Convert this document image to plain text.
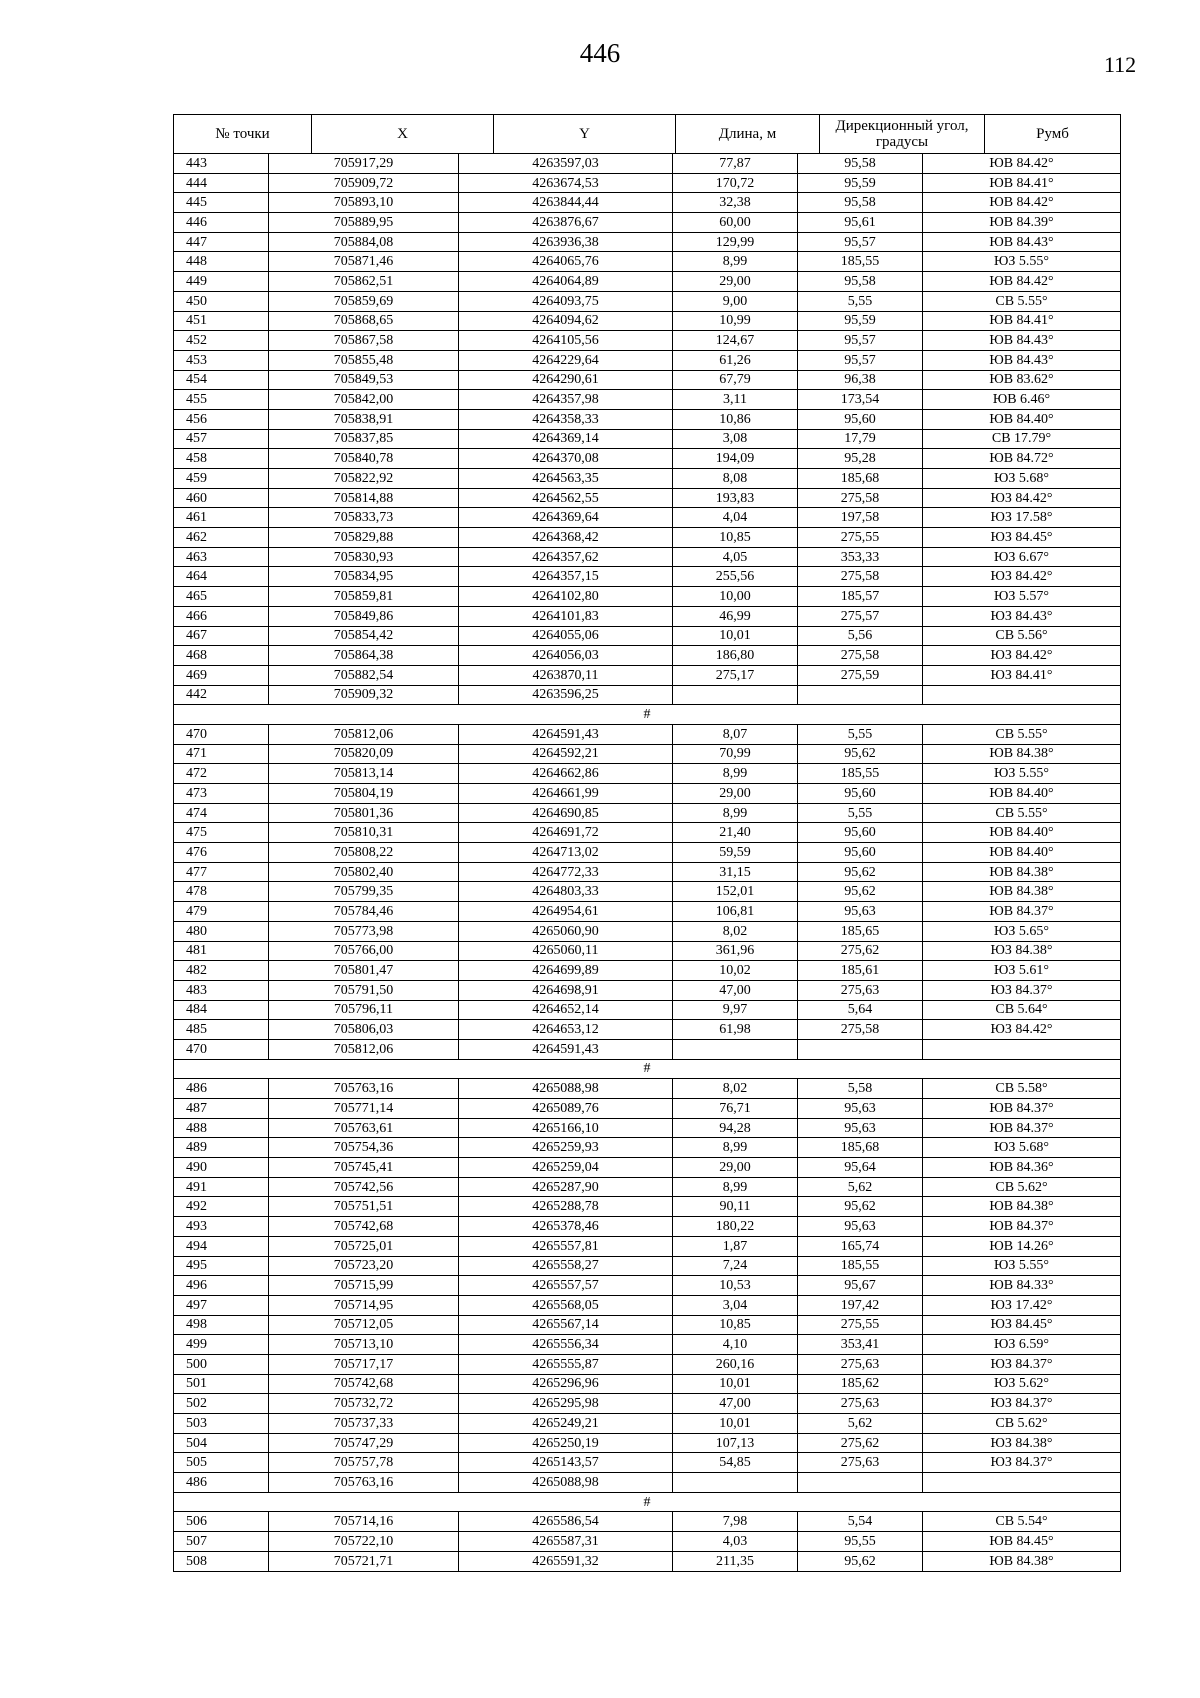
446	112
№ точки	X	Y	Длина, м	Дирекционный угол, градусы	Румб
443	705917,29	4263597,03	77,87	95,58	ЮВ 84.42°
444	705909,72	4263674,53	170,72	95,59	ЮВ 84.41°
445	705893,10	4263844,44	32,38	95,58	ЮВ 84.42°
446	705889,95	4263876,67	60,00	95,61	ЮВ 84.39°
447	705884,08	4263936,38	129,99	95,57	ЮВ 84.43°
448	705871,46	4264065,76	8,99	185,55	ЮЗ 5.55°
449	705862,51	4264064,89	29,00	95,58	ЮВ 84.42°
450	705859,69	4264093,75	9,00	5,55	СВ 5.55°
451	705868,65	4264094,62	10,99	95,59	ЮВ 84.41°
452	705867,58	4264105,56	124,67	95,57	ЮВ 84.43°
453	705855,48	4264229,64	61,26	95,57	ЮВ 84.43°
454	705849,53	4264290,61	67,79	96,38	ЮВ 83.62°
455	705842,00	4264357,98	3,11	173,54	ЮВ 6.46°
456	705838,91	4264358,33	10,86	95,60	ЮВ 84.40°
457	705837,85	4264369,14	3,08	17,79	СВ 17.79°
458	705840,78	4264370,08	194,09	95,28	ЮВ 84.72°
459	705822,92	4264563,35	8,08	185,68	ЮЗ 5.68°
460	705814,88	4264562,55	193,83	275,58	ЮЗ 84.42°
461	705833,73	4264369,64	4,04	197,58	ЮЗ 17.58°
462	705829,88	4264368,42	10,85	275,55	ЮЗ 84.45°
463	705830,93	4264357,62	4,05	353,33	ЮЗ 6.67°
464	705834,95	4264357,15	255,56	275,58	ЮЗ 84.42°
465	705859,81	4264102,80	10,00	185,57	ЮЗ 5.57°
466	705849,86	4264101,83	46,99	275,57	ЮЗ 84.43°
467	705854,42	4264055,06	10,01	5,56	СВ 5.56°
468	705864,38	4264056,03	186,80	275,58	ЮЗ 84.42°
469	705882,54	4263870,11	275,17	275,59	ЮЗ 84.41°
442	705909,32	4263596,25			
#					
470	705812,06	4264591,43	8,07	5,55	СВ 5.55°
471	705820,09	4264592,21	70,99	95,62	ЮВ 84.38°
472	705813,14	4264662,86	8,99	185,55	ЮЗ 5.55°
473	705804,19	4264661,99	29,00	95,60	ЮВ 84.40°
474	705801,36	4264690,85	8,99	5,55	СВ 5.55°
475	705810,31	4264691,72	21,40	95,60	ЮВ 84.40°
476	705808,22	4264713,02	59,59	95,60	ЮВ 84.40°
477	705802,40	4264772,33	31,15	95,62	ЮВ 84.38°
478	705799,35	4264803,33	152,01	95,62	ЮВ 84.38°
479	705784,46	4264954,61	106,81	95,63	ЮВ 84.37°
480	705773,98	4265060,90	8,02	185,65	ЮЗ 5.65°
481	705766,00	4265060,11	361,96	275,62	ЮЗ 84.38°
482	705801,47	4264699,89	10,02	185,61	ЮЗ 5.61°
483	705791,50	4264698,91	47,00	275,63	ЮЗ 84.37°
484	705796,11	4264652,14	9,97	5,64	СВ 5.64°
485	705806,03	4264653,12	61,98	275,58	ЮЗ 84.42°
470	705812,06	4264591,43			
#					
486	705763,16	4265088,98	8,02	5,58	СВ 5.58°
487	705771,14	4265089,76	76,71	95,63	ЮВ 84.37°
488	705763,61	4265166,10	94,28	95,63	ЮВ 84.37°
489	705754,36	4265259,93	8,99	185,68	ЮЗ 5.68°
490	705745,41	4265259,04	29,00	95,64	ЮВ 84.36°
491	705742,56	4265287,90	8,99	5,62	СВ 5.62°
492	705751,51	4265288,78	90,11	95,62	ЮВ 84.38°
493	705742,68	4265378,46	180,22	95,63	ЮВ 84.37°
494	705725,01	4265557,81	1,87	165,74	ЮВ 14.26°
495	705723,20	4265558,27	7,24	185,55	ЮЗ 5.55°
496	705715,99	4265557,57	10,53	95,67	ЮВ 84.33°
497	705714,95	4265568,05	3,04	197,42	ЮЗ 17.42°
498	705712,05	4265567,14	10,85	275,55	ЮЗ 84.45°
499	705713,10	4265556,34	4,10	353,41	ЮЗ 6.59°
500	705717,17	4265555,87	260,16	275,63	ЮЗ 84.37°
501	705742,68	4265296,96	10,01	185,62	ЮЗ 5.62°
502	705732,72	4265295,98	47,00	275,63	ЮЗ 84.37°
503	705737,33	4265249,21	10,01	5,62	СВ 5.62°
504	705747,29	4265250,19	107,13	275,62	ЮЗ 84.38°
505	705757,78	4265143,57	54,85	275,63	ЮЗ 84.37°
486	705763,16	4265088,98			
#					
506	705714,16	4265586,54	7,98	5,54	СВ 5.54°
507	705722,10	4265587,31	4,03	95,55	ЮВ 84.45°
508	705721,71	4265591,32	211,35	95,62	ЮВ 84.38°
